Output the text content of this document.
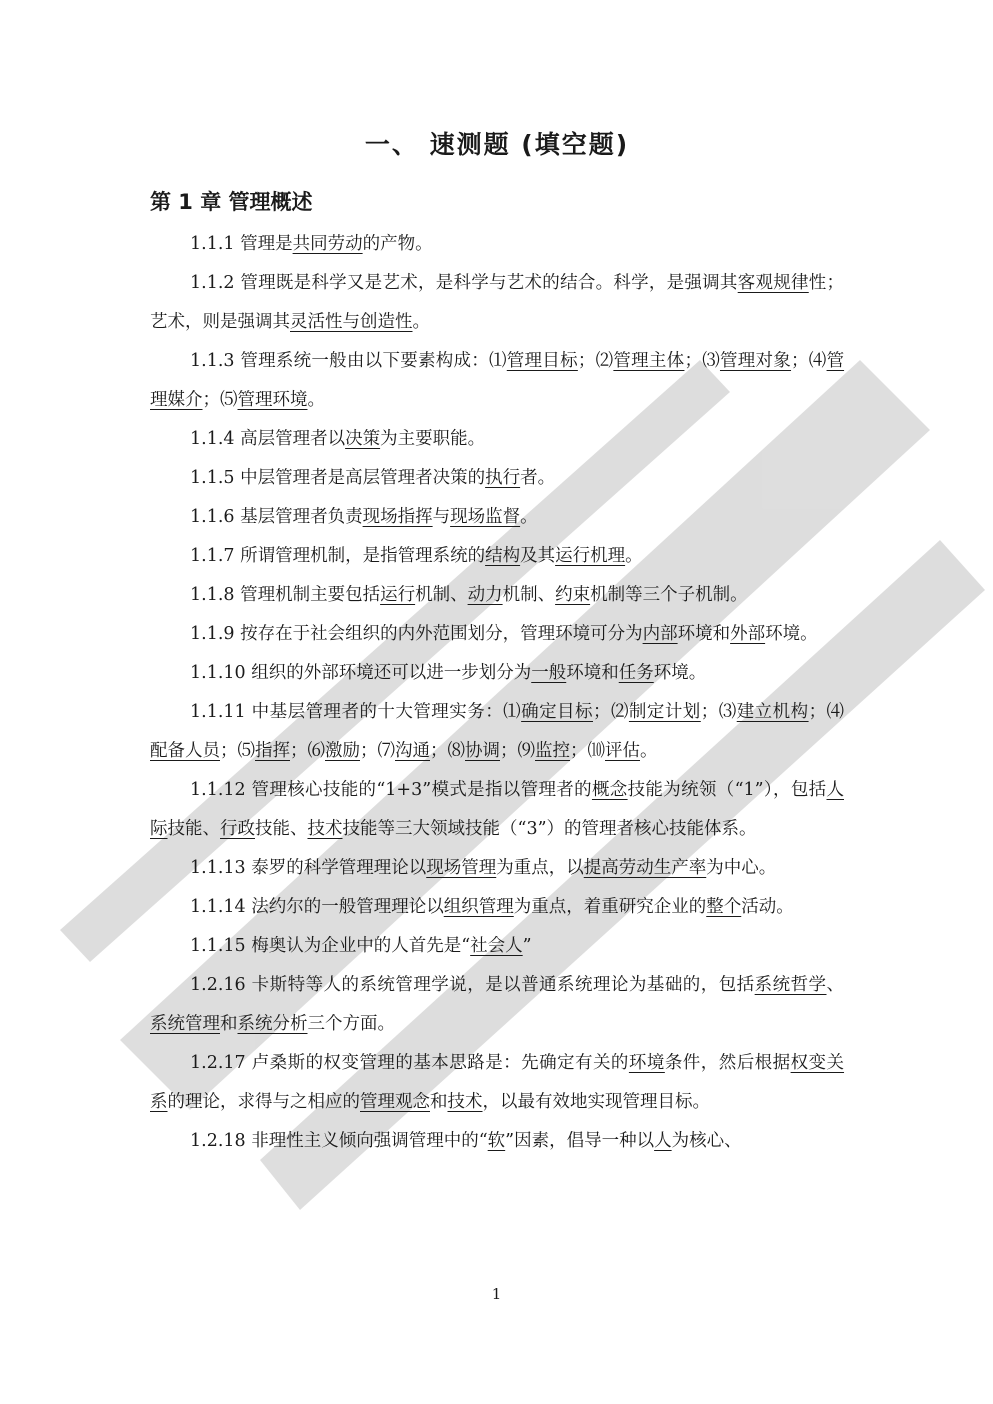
一、 速测题 (填空题)
第 1 章 管理概述

1.1.1 管理是共同劳动的产物。

1.1.2 管理既是科学又是艺术，是科学与艺术的结合。科学，是强调其客观规律性；艺术，则是强调其灵活性与创造性。

1.1.3 管理系统一般由以下要素构成：⑴管理目标；⑵管理主体；⑶管理对象；⑷管理媒介；⑸管理环境。

1.1.4 高层管理者以决策为主要职能。

1.1.5 中层管理者是高层管理者决策的执行者。

1.1.6 基层管理者负责现场指挥与现场监督。

1.1.7 所谓管理机制，是指管理系统的结构及其运行机理。

1.1.8 管理机制主要包括运行机制、动力机制、约束机制等三个子机制。

1.1.9 按存在于社会组织的内外范围划分，管理环境可分为内部环境和外部环境。

1.1.10 组织的外部环境还可以进一步划分为一般环境和任务环境。

1.1.11 中基层管理者的十大管理实务：⑴确定目标；⑵制定计划；⑶建立机构；⑷配备人员；⑸指挥；⑹激励；⑺沟通；⑻协调；⑼监控；⑽评估。

1.1.12 管理核心技能的“1+3”模式是指以管理者的概念技能为统领（“1”），包括人际技能、行政技能、技术技能等三大领域技能（“3”）的管理者核心技能体系。

1.1.13 泰罗的科学管理理论以现场管理为重点，以提高劳动生产率为中心。

1.1.14 法约尔的一般管理理论以组织管理为重点，着重研究企业的整个活动。

1.1.15 梅奥认为企业中的人首先是“社会人”

1.2.16 卡斯特等人的系统管理学说，是以普通系统理论为基础的，包括系统哲学、系统管理和系统分析三个方面。

1.2.17 卢桑斯的权变管理的基本思路是：先确定有关的环境条件，然后根据权变关系的理论，求得与之相应的管理观念和技术，以最有效地实现管理目标。

1.2.18 非理性主义倾向强调管理中的“软”因素，倡导一种以人为核心、

1
